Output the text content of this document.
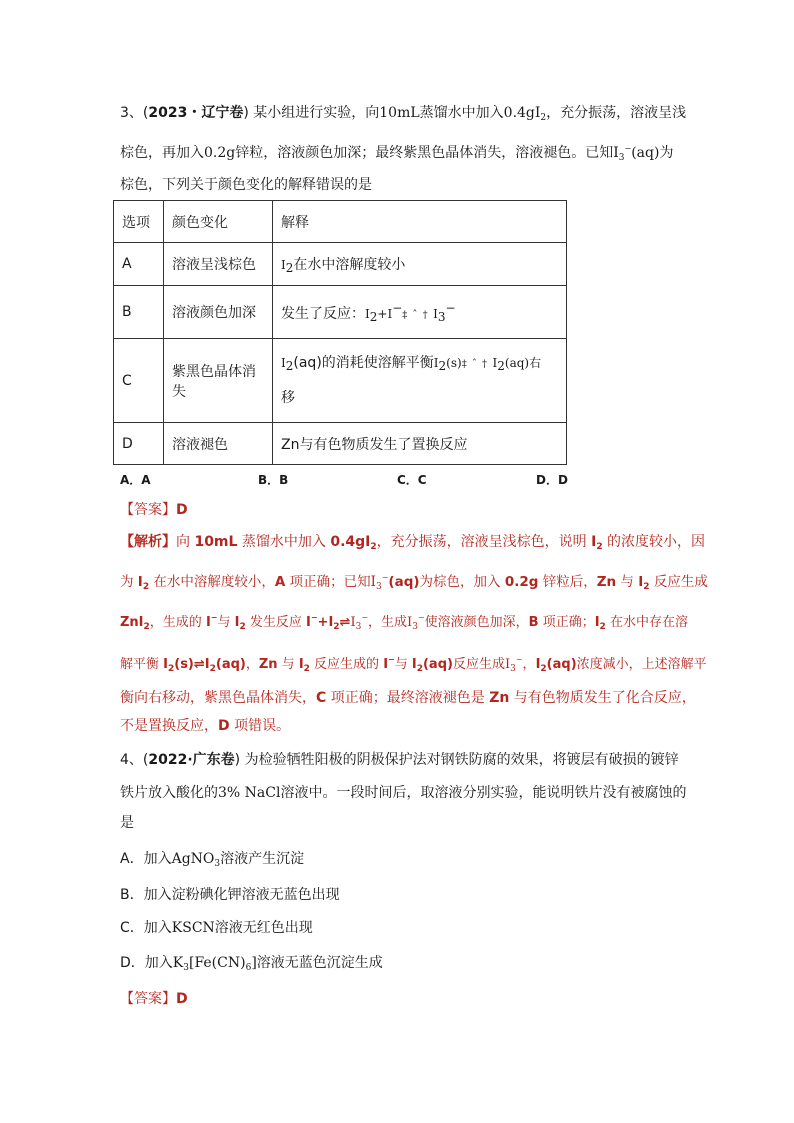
3、(2023・辽宁卷) 某小组进行实验，向10mL蒸馏水中加入$0.4gI_2$，充分振荡，溶液呈浅
棕色，再加入0.2g锌粒，溶液颜色加深；最终紫黑色晶体消失，溶液褪色。已知$I_3^-(aq)$为
棕色，下列关于颜色变化的解释错误的是
选项	颜色变化	解释
A	溶液呈浅棕色	I2在水中溶解度较小
B	溶液颜色加深	发生了反应：I2+I−‡ ˆ † I3−
C	紫黑色晶体消失	I2(aq)的消耗使溶解平衡I2(s)‡ ˆ † I2(aq)右
移
D	溶液褪色	Zn与有色物质发生了置换反应
A．A	B．B	C．C	D．D
【答案】D
【解析】向 10mL 蒸馏水中加入 $0.4gI_2$，充分振荡，溶液呈浅棕色，说明 $I_2$ 的浓度较小，因
为 $I_2$ 在水中溶解度较小，A 项正确；已知$I_3^-(aq)$为棕色，加入 0.2g 锌粒后，Zn 与 $I_2$ 反应生成
ZnI$_2$，生成的 I−与 $I_2$ 发生反应 $I^-+I_2\rightleftharpoons I_3^-$，生成$I_3^-$使溶液颜色加深，B 项正确；$I_2$ 在水中存在溶
解平衡 $I_2(s)\rightleftharpoons I_2(aq)$，Zn 与 $I_2$ 反应生成的 I−与 $I_2(aq)$反应生成$I_3^-$，$I_2(aq)$浓度减小，上述溶解平
衡向右移动，紫黑色晶体消失，C 项正确；最终溶液褪色是 Zn 与有色物质发生了化合反应，
不是置换反应，D 项错误。
4、(2022·广东卷) 为检验牺牲阳极的阴极保护法对钢铁防腐的效果，将镀层有破损的镀锌
铁片放入酸化的3% NaCl溶液中。一段时间后，取溶液分别实验，能说明铁片没有被腐蚀的
是
A．加入AgNO$_3$溶液产生沉淀
B．加入淀粉碘化钾溶液无蓝色出现
C．加入KSCN溶液无红色出现
D．加入$K_3[Fe(CN)_6]$溶液无蓝色沉淀生成
【答案】D
